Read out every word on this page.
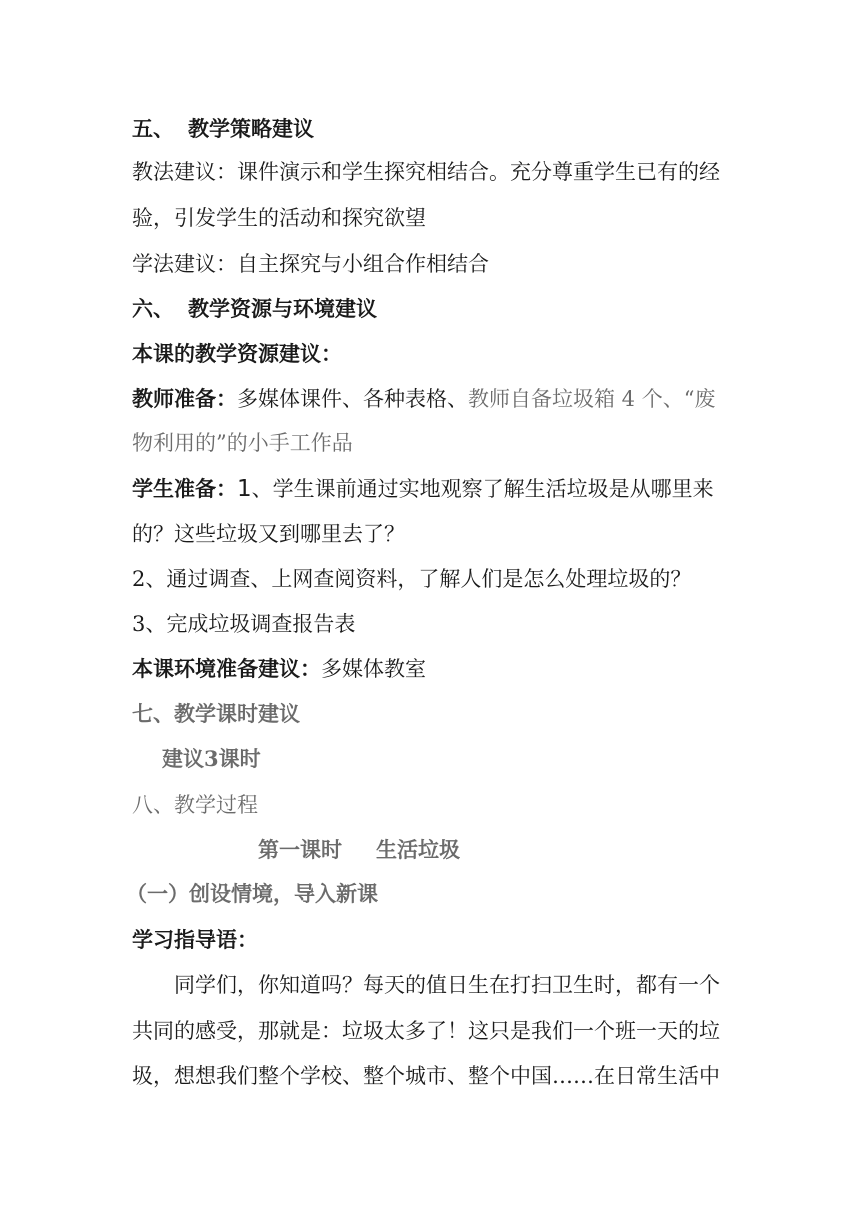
五、 教学策略建议
教法建议：课件演示和学生探究相结合。充分尊重学生已有的经
验，引发学生的活动和探究欲望
学法建议：自主探究与小组合作相结合
六、 教学资源与环境建议
本课的教学资源建议：
教师准备：多媒体课件、各种表格、教师自备垃圾箱 4 个、“废
物利用的”的小手工作品
学生准备：1、学生课前通过实地观察了解生活垃圾是从哪里来
的？这些垃圾又到哪里去了？
2、通过调查、上网查阅资料，了解人们是怎么处理垃圾的？
3、完成垃圾调查报告表
本课环境准备建议：多媒体教室
七、教学课时建议
建议3课时
八、教学过程
第一课时 生活垃圾
（一）创设情境，导入新课
学习指导语：
同学们，你知道吗？每天的值日生在打扫卫生时，都有一个
共同的感受，那就是：垃圾太多了！这只是我们一个班一天的垃
圾，想想我们整个学校、整个城市、整个中国……在日常生活中
